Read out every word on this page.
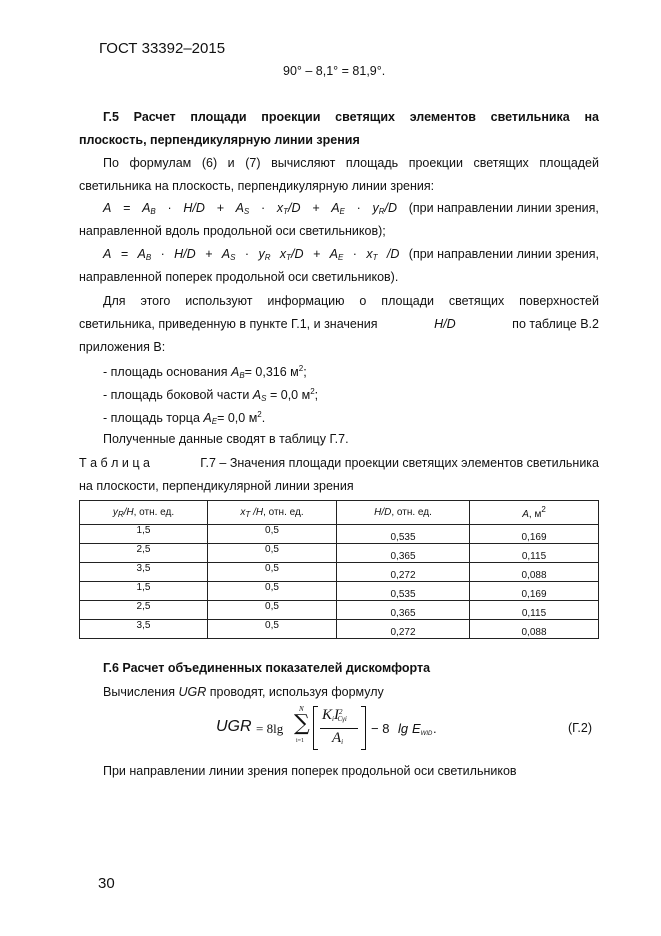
ГОСТ 33392–2015
90° – 8,1° = 81,9°.
Г.5 Расчет площади проекции светящих элементов светильника на
плоскость, перпендикулярную линии зрения
По формулам (6) и (7) вычисляют площадь проекции светящих площадей
светильника на плоскость, перпендикулярную линии зрения:
$A = A_B \cdot H/D + A_S \cdot x_T/D + A_E \cdot y_R/D$ (при направлении линии зрения,
направленной вдоль продольной оси светильников);
$A = A_B \cdot H/D + A_S \cdot y_R$ $x_T/D + A_E \cdot x_T$ /D (при направлении линии зрения,
направленной поперек продольной оси светильников).
Для этого используют информацию о площади светящих поверхностей
светильника, приведенную в пункте Г.1, и значения	H/D	по таблице В.2
приложения В:
- площадь основания $A_B= 0,316$ $м^2$;
- площадь боковой части $A_S = 0,0$ $м^2$;
- площадь торца $A_E= 0,0$ $м^2$.
Полученные данные сводят в таблицу Г.7.
Т а б л и ц а	Г.7 – Значения площади проекции светящих элементов светильника
на плоскости, перпендикулярной линии зрения
$y_R/H$, отн. ед.	$x_T$ /H, отн. ед.	H/D, отн. ед.	A, $м^2$
1,5	0,5	0,535	0,169
2,5	0,5	0,365	0,115
3,5	0,5	0,272	0,088
1,5	0,5	0,535	0,169
2,5	0,5	0,365	0,115
3,5	0,5	0,272	0,088
Г.6 Расчет объединенных показателей дискомфорта
Вычисления UGR проводят, используя формулу
UGR = 8lg
N
∑
i=1
$K_iI^2_{C\gamma i}$
$A_i$
− 8 $\lg E_{WID}$ .	(Г.2)
При направлении линии зрения поперек продольной оси светильников
30
